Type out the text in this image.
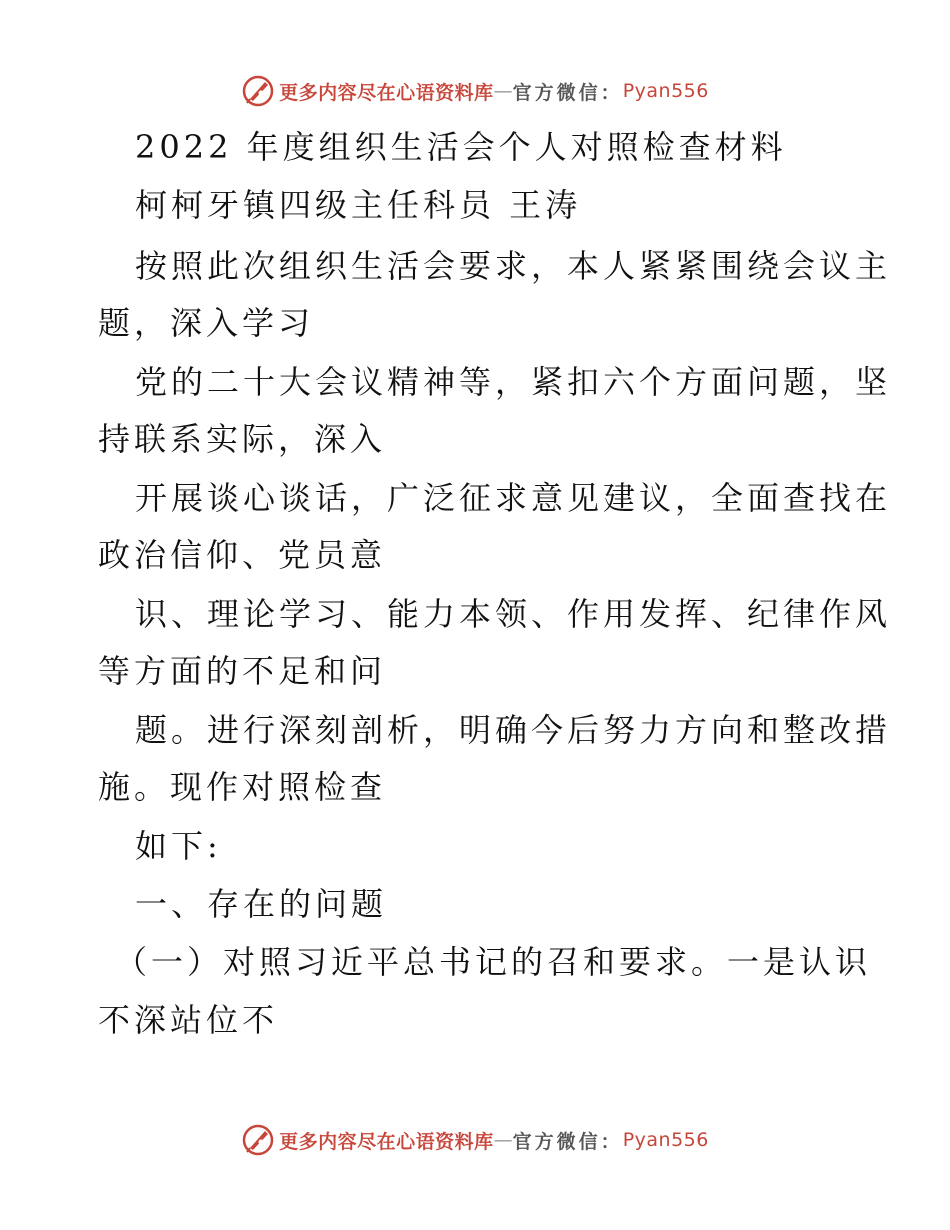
更多内容尽在心语资料库 — 官方微信： Pyan556
2022 年度组织生活会个人对照检查材料
柯柯牙镇四级主任科员 王涛
按照此次组织生活会要求，本人紧紧围绕会议主
题，深入学习
党的二十大会议精神等，紧扣六个方面问题，坚
持联系实际，深入
开展谈心谈话，广泛征求意见建议，全面查找在
政治信仰、党员意
识、理论学习、能力本领、作用发挥、纪律作风
等方面的不足和问
题。进行深刻剖析，明确今后努力方向和整改措
施。现作对照检查
如下:
一、存在的问题
（一）对照习近平总书记的召和要求。一是认识
不深站位不
更多内容尽在心语资料库 — 官方微信： Pyan556
